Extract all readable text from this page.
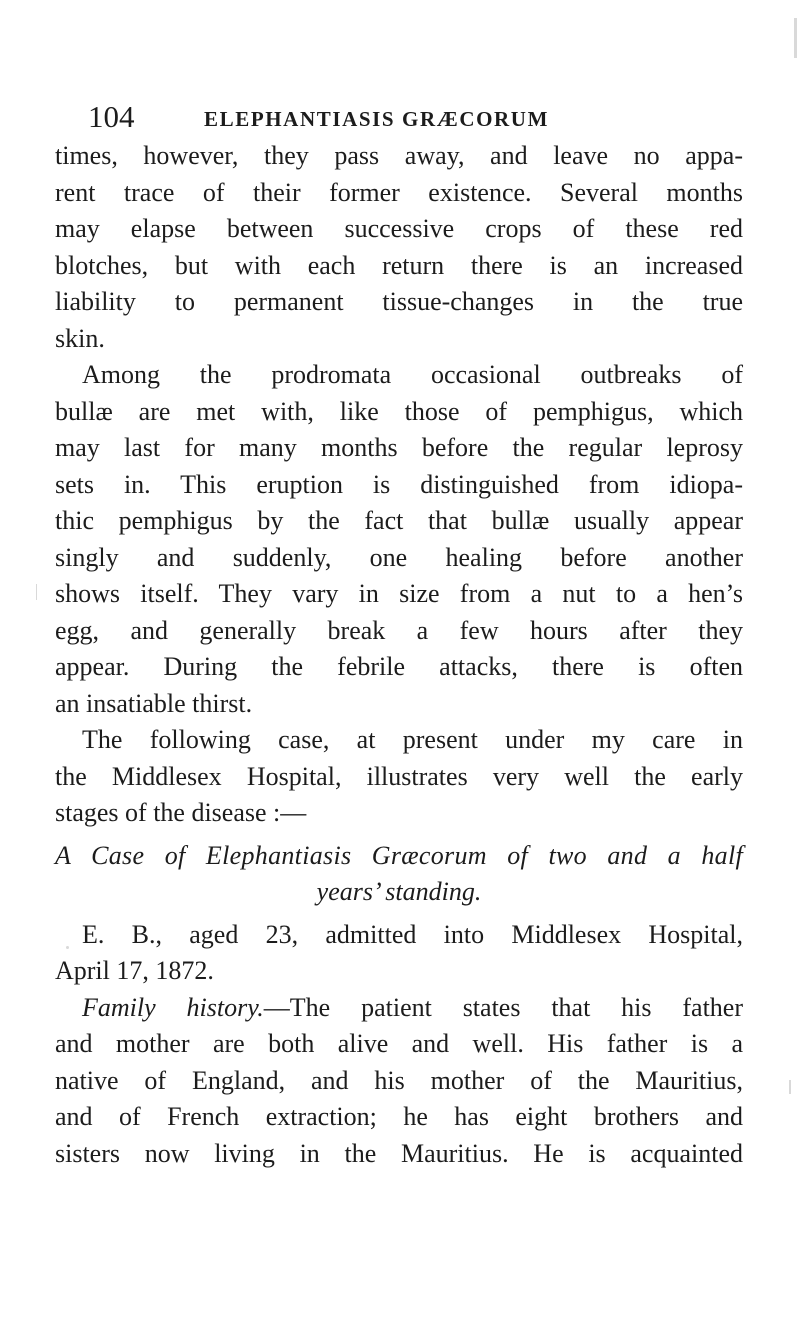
104	ELEPHANTIASIS GRÆCORUM
times, however, they pass away, and leave no appa-
rent trace of their former existence. Several months
may elapse between successive crops of these red
blotches, but with each return there is an increased
liability to permanent tissue-changes in the true
skin.
Among the prodromata occasional outbreaks of
bullæ are met with, like those of pemphigus, which
may last for many months before the regular leprosy
sets in. This eruption is distinguished from idiopa-
thic pemphigus by the fact that bullæ usually appear
singly and suddenly, one healing before another
shows itself. They vary in size from a nut to a hen’s
egg, and generally break a few hours after they
appear. During the febrile attacks, there is often
an insatiable thirst.
The following case, at present under my care in
the Middlesex Hospital, illustrates very well the early
stages of the disease :—
A Case of Elephantiasis Græcorum of two and a half
years’ standing.
E. B., aged 23, admitted into Middlesex Hospital,
April 17, 1872.
Family history.—The patient states that his father
and mother are both alive and well. His father is a
native of England, and his mother of the Mauritius,
and of French extraction; he has eight brothers and
sisters now living in the Mauritius. He is acquainted
